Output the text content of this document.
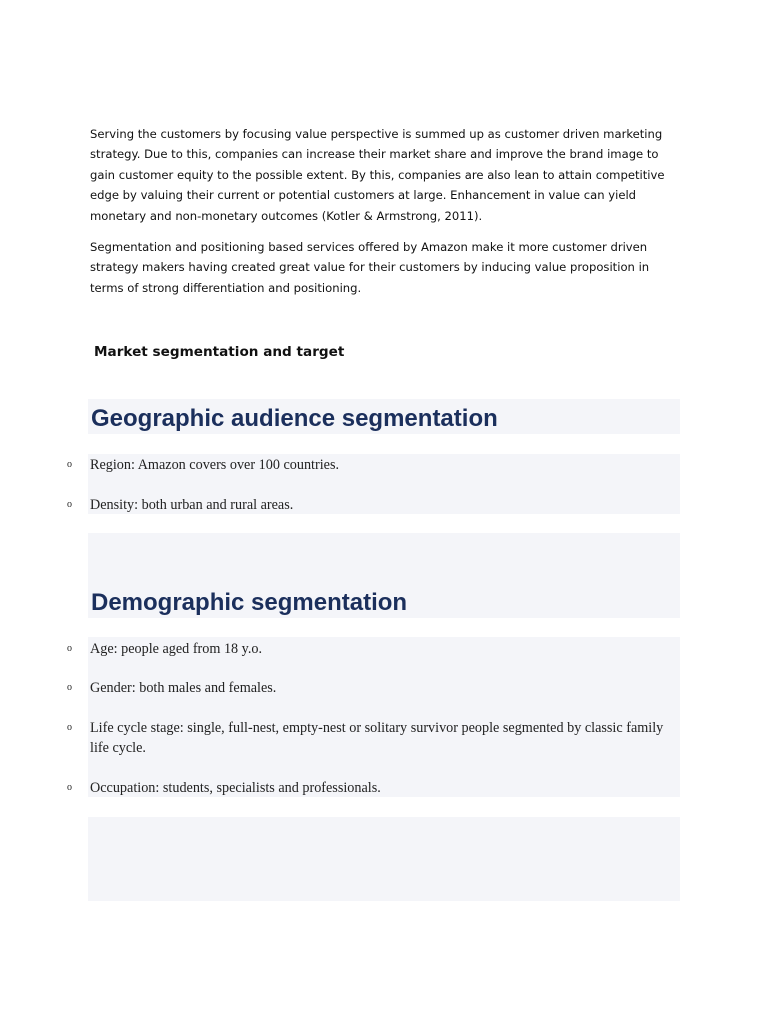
Serving the customers by focusing value perspective is summed up as customer driven marketing strategy. Due to this, companies can increase their market share and improve the brand image to gain customer equity to the possible extent. By this, companies are also lean to attain competitive edge by valuing their current or potential customers at large. Enhancement in value can yield monetary and non-monetary outcomes (Kotler & Armstrong, 2011).

Segmentation and positioning based services offered by Amazon make it more customer driven strategy makers having created great value for their customers by inducing value proposition in terms of strong differentiation and positioning.

Market segmentation and target
Geographic audience segmentation
o Region: Amazon covers over 100 countries.
o Density: both urban and rural areas.
Demographic segmentation
o Age: people aged from 18 y.o.
o Gender: both males and females.
o Life cycle stage: single, full-nest, empty-nest or solitary survivor people segmented by classic family life cycle.
o Occupation: students, specialists and professionals.
